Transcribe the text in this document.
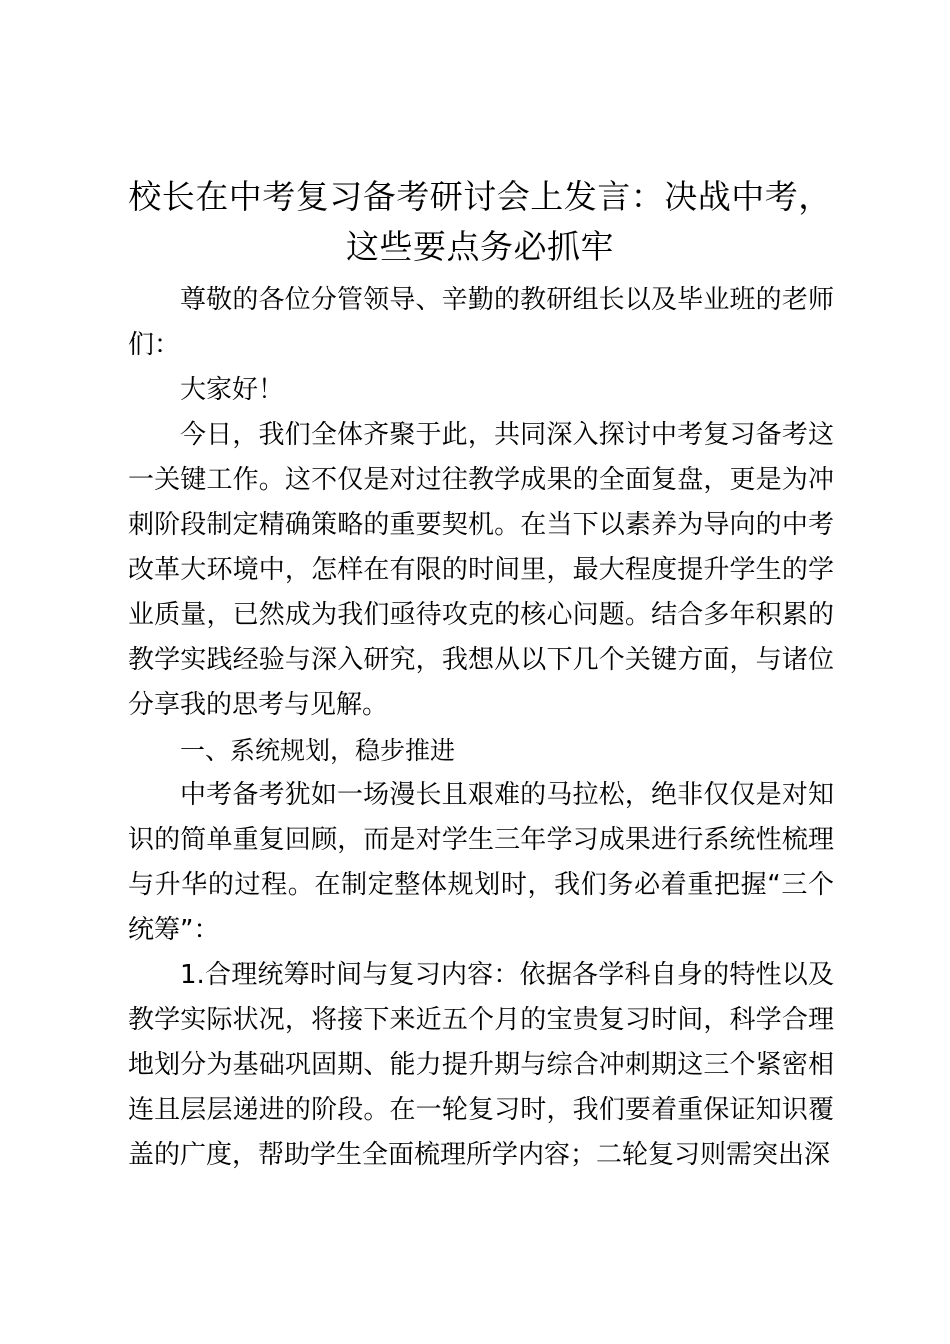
校长在中考复习备考研讨会上发言：决战中考，
这些要点务必抓牢

尊敬的各位分管领导、辛勤的教研组长以及毕业班的老师们：

大家好！

今日，我们全体齐聚于此，共同深入探讨中考复习备考这一关键工作。这不仅是对过往教学成果的全面复盘，更是为冲刺阶段制定精确策略的重要契机。在当下以素养为导向的中考改革大环境中，怎样在有限的时间里，最大程度提升学生的学业质量，已然成为我们亟待攻克的核心问题。结合多年积累的教学实践经验与深入研究，我想从以下几个关键方面，与诸位分享我的思考与见解。

一、系统规划，稳步推进

中考备考犹如一场漫长且艰难的马拉松，绝非仅仅是对知识的简单重复回顾，而是对学生三年学习成果进行系统性梳理与升华的过程。在制定整体规划时，我们务必着重把握“三个统筹”：

1.合理统筹时间与复习内容：依据各学科自身的特性以及教学实际状况，将接下来近五个月的宝贵复习时间，科学合理地划分为基础巩固期、能力提升期与综合冲刺期这三个紧密相连且层层递进的阶段。在一轮复习时，我们要着重保证知识覆盖的广度，帮助学生全面梳理所学内容；二轮复习则需突出深
